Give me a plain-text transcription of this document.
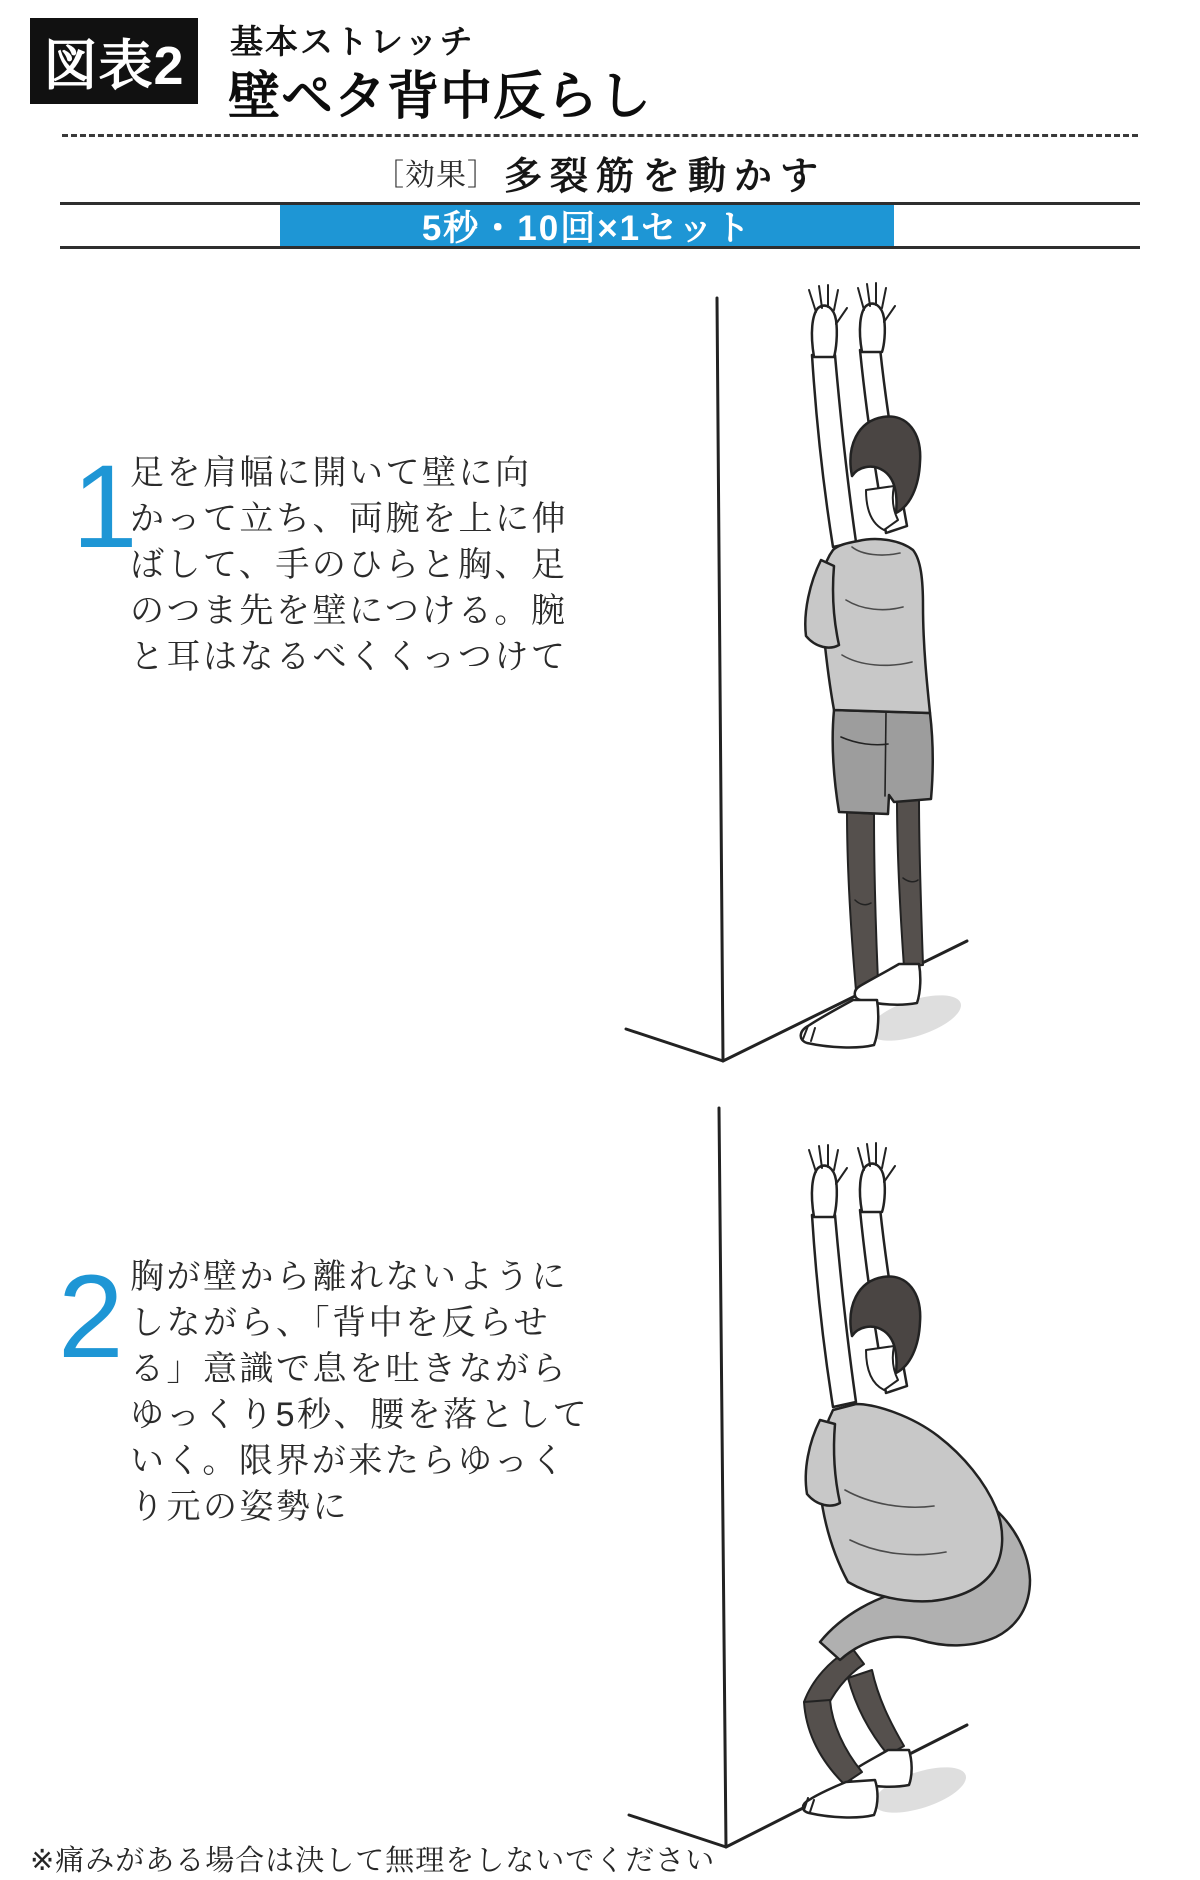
図表2 基本ストレッチ
壁ペタ背中反らし
［効果］ 多裂筋を動かす
5秒・10回×1セット
1
足を肩幅に開いて壁に向
かって立ち、両腕を上に伸
ばして、手のひらと胸、足
のつま先を壁につける。腕
と耳はなるべくくっつけて
2 胸が壁から離れないように
しながら、「背中を反らせ
る」意識で息を吐きながら
ゆっくり5秒、腰を落として
いく。限界が来たらゆっく
り元の姿勢に

※痛みがある場合は決して無理をしないでください
